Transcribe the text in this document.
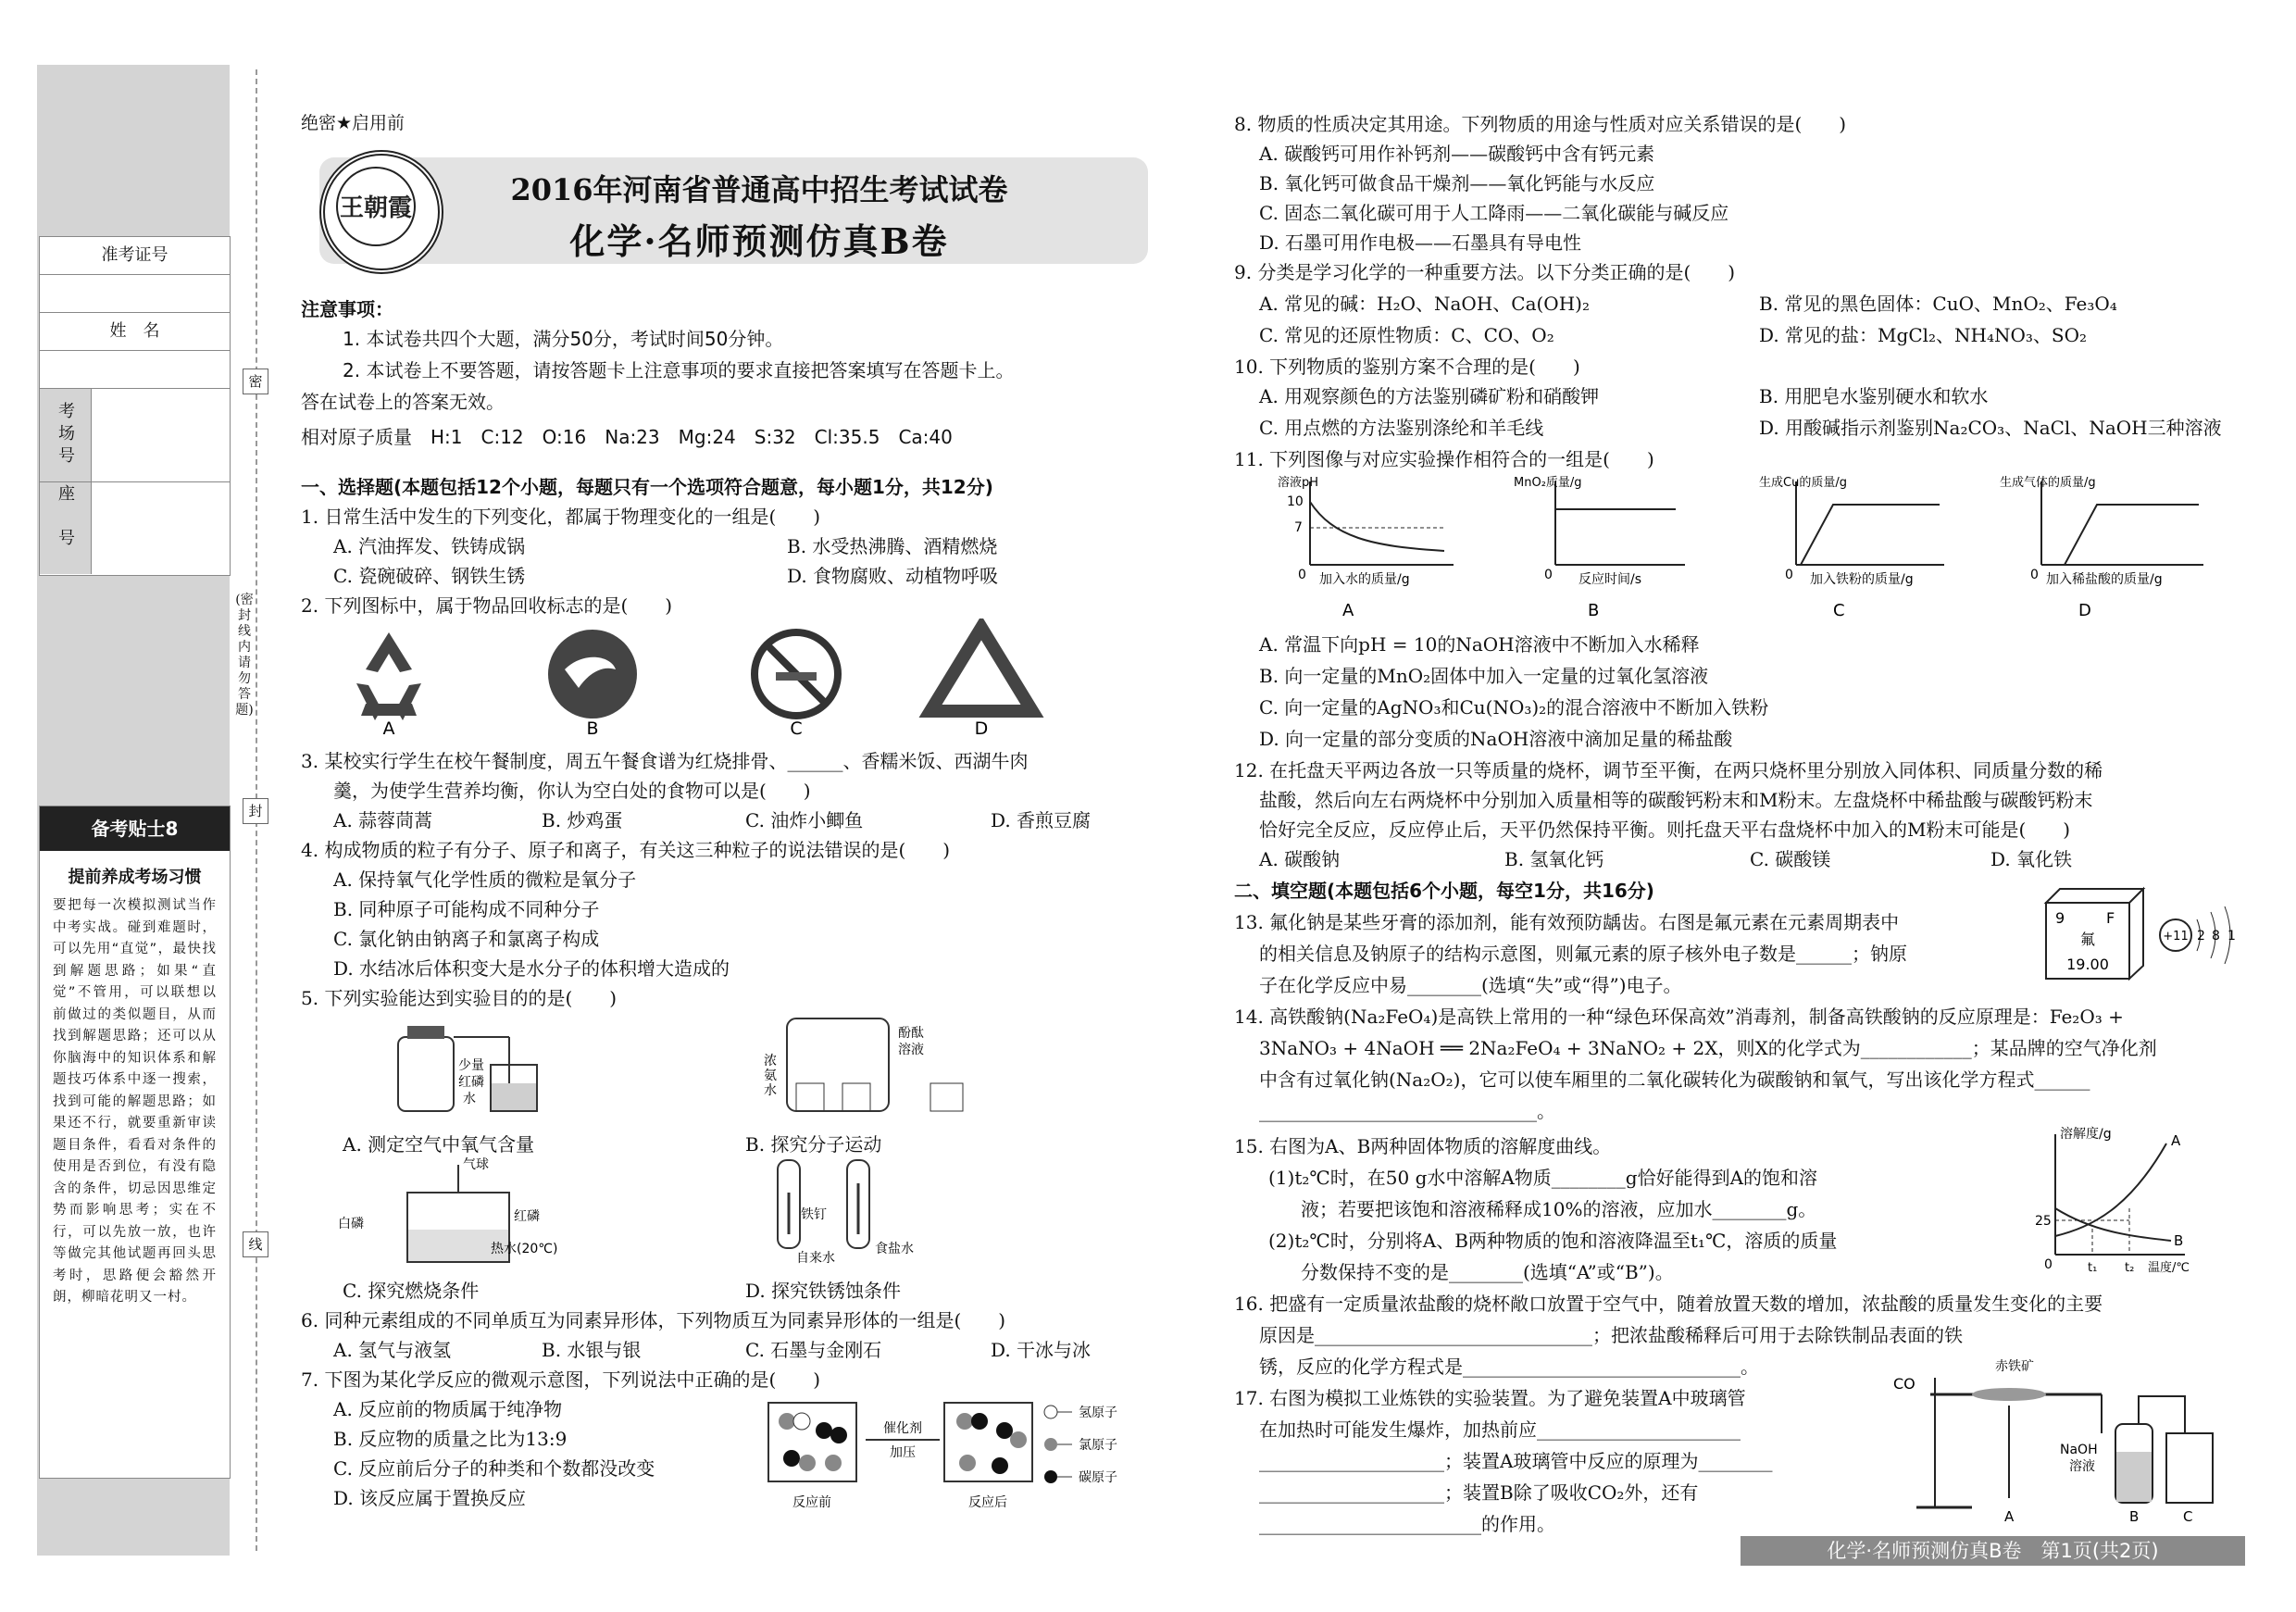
准考证号
姓　名
考场号
座号
备考贴士8
提前养成考场习惯
要把每一次模拟测试当作中考实战。碰到难题时，可以先用“直觉”，最快找到解题思路；如果“直觉”不管用，可以联想以前做过的类似题目，从而找到解题思路；还可以从你脑海中的知识体系和解题技巧体系中逐一搜索，找到可能的解题思路；如果还不行，就要重新审读题目条件，看看对条件的使用是否到位，有没有隐含的条件，切忌因思维定势而影响思考；实在不行，可以先放一放，也许等做完其他试题再回头思考时，思路便会豁然开朗，柳暗花明又一村。
密
(密封线内请勿答题)
封
线
绝密★启用前
王朝霞
2016年河南省普通高中招生考试试卷
化学·名师预测仿真B卷
注意事项：
1. 本试卷共四个大题，满分50分，考试时间50分钟。
2. 本试卷上不要答题，请按答题卡上注意事项的要求直接把答案填写在答题卡上。
答在试卷上的答案无效。
相对原子质量　H:1　C:12　O:16　Na:23　Mg:24　S:32　Cl:35.5　Ca:40
一、选择题(本题包括12个小题，每题只有一个选项符合题意，每小题1分，共12分)
1. 日常生活中发生的下列变化，都属于物理变化的一组是(　　)
A. 汽油挥发、铁铸成锅	B. 水受热沸腾、酒精燃烧
C. 瓷碗破碎、钢铁生锈	D. 食物腐败、动植物呼吸
2. 下列图标中，属于物品回收标志的是(　　)
A	B	C	D
3. 某校实行学生在校午餐制度，周五午餐食谱为红烧排骨、______、香糯米饭、西湖牛肉
羹，为使学生营养均衡，你认为空白处的食物可以是(　　)
A. 蒜蓉茼蒿	B. 炒鸡蛋	C. 油炸小鲫鱼	D. 香煎豆腐
4. 构成物质的粒子有分子、原子和离子，有关这三种粒子的说法错误的是(　　)
A. 保持氧气化学性质的微粒是氧分子
B. 同种原子可能构成不同种分子
C. 氯化钠由钠离子和氯离子构成
D. 水结冰后体积变大是水分子的体积增大造成的
5. 下列实验能达到实验目的的是(　　)
少量
红磷
水
浓
氨
水
酚酞
溶液
A. 测定空气中氧气含量	B. 探究分子运动
气球
白磷	红磷
热水(20℃)
铁钉
自来水
食盐水
C. 探究燃烧条件	D. 探究铁锈蚀条件
6. 同种元素组成的不同单质互为同素异形体，下列物质互为同素异形体的一组是(　　)
A. 氢气与液氢	B. 水银与银	C. 石墨与金刚石	D. 干冰与冰
7. 下图为某化学反应的微观示意图，下列说法中正确的是(　　)
A. 反应前的物质属于纯净物
B. 反应物的质量之比为13:9
C. 反应前后分子的种类和个数都没改变
D. 该反应属于置换反应
催化剂
加压
反应前	反应后
氢原子
氯原子
碳原子
8. 物质的性质决定其用途。下列物质的用途与性质对应关系错误的是(　　)
A. 碳酸钙可用作补钙剂——碳酸钙中含有钙元素
B. 氧化钙可做食品干燥剂——氧化钙能与水反应
C. 固态二氧化碳可用于人工降雨——二氧化碳能与碱反应
D. 石墨可用作电极——石墨具有导电性
9. 分类是学习化学的一种重要方法。以下分类正确的是(　　)
A. 常见的碱：H₂O、NaOH、Ca(OH)₂	B. 常见的黑色固体：CuO、MnO₂、Fe₃O₄
C. 常见的还原性物质：C、CO、O₂	D. 常见的盐：MgCl₂、NH₄NO₃、SO₂
10. 下列物质的鉴别方案不合理的是(　　)
A. 用观察颜色的方法鉴别磷矿粉和硝酸钾	B. 用肥皂水鉴别硬水和软水
C. 用点燃的方法鉴别涤纶和羊毛线	D. 用酸碱指示剂鉴别Na₂CO₃、NaCl、NaOH三种溶液
11. 下列图像与对应实验操作相符合的一组是(　　)
溶液pH
10
7
0 加入水的质量/g
A
MnO₂质量/g
0 反应时间/s
B
生成Cu的质量/g
0 加入铁粉的质量/g
C
生成气体的质量/g
0 加入稀盐酸的质量/g
D
A. 常温下向pH = 10的NaOH溶液中不断加入水稀释
B. 向一定量的MnO₂固体中加入一定量的过氧化氢溶液
C. 向一定量的AgNO₃和Cu(NO₃)₂的混合溶液中不断加入铁粉
D. 向一定量的部分变质的NaOH溶液中滴加足量的稀盐酸
12. 在托盘天平两边各放一只等质量的烧杯，调节至平衡，在两只烧杯里分别放入同体积、同质量分数的稀
盐酸，然后向左右两烧杯中分别加入质量相等的碳酸钙粉末和M粉末。左盘烧杯中稀盐酸与碳酸钙粉末
恰好完全反应，反应停止后，天平仍然保持平衡。则托盘天平右盘烧杯中加入的M粉末可能是(　　)
A. 碳酸钠	B. 氢氧化钙	C. 碳酸镁	D. 氧化铁
二、填空题(本题包括6个小题，每空1分，共16分)
13. 氟化钠是某些牙膏的添加剂，能有效预防龋齿。右图是氟元素在元素周期表中
的相关信息及钠原子的结构示意图，则氟元素的原子核外电子数是______；钠原
子在化学反应中易________(选填“失”或“得”)电子。
9	F
氟
19.00
+11 2 8 1
14. 高铁酸钠(Na₂FeO₄)是高铁上常用的一种“绿色环保高效”消毒剂，制备高铁酸钠的反应原理是：Fe₂O₃ +
3NaNO₃ + 4NaOH ══ 2Na₂FeO₄ + 3NaNO₂ + 2X，则X的化学式为____________；某品牌的空气净化剂
中含有过氧化钠(Na₂O₂)，它可以使车厢里的二氧化碳转化为碳酸钠和氧气，写出该化学方程式______
______________________________。
15. 右图为A、B两种固体物质的溶解度曲线。
(1)t₂℃时，在50 g水中溶解A物质________g恰好能得到A的饱和溶
液；若要把该饱和溶液稀释成10%的溶液，应加水________g。
(2)t₂℃时，分别将A、B两种物质的饱和溶液降温至t₁℃，溶质的质量
分数保持不变的是________(选填“A”或“B”)。
溶解度/g
25
0	t₁ t₂ 温度/℃
A
B
16. 把盛有一定质量浓盐酸的烧杯敞口放置于空气中，随着放置天数的增加，浓盐酸的质量发生变化的主要
原因是______________________________；把浓盐酸稀释后可用于去除铁制品表面的铁
锈，反应的化学方程式是______________________________。
17. 右图为模拟工业炼铁的实验装置。为了避免装置A中玻璃管
在加热时可能发生爆炸，加热前应______________________
____________________；装置A玻璃管中反应的原理为________
____________________；装置B除了吸收CO₂外，还有
________________________的作用。
CO
赤铁矿
NaOH
溶液
A	B	C
化学·名师预测仿真B卷　第1页(共2页)
